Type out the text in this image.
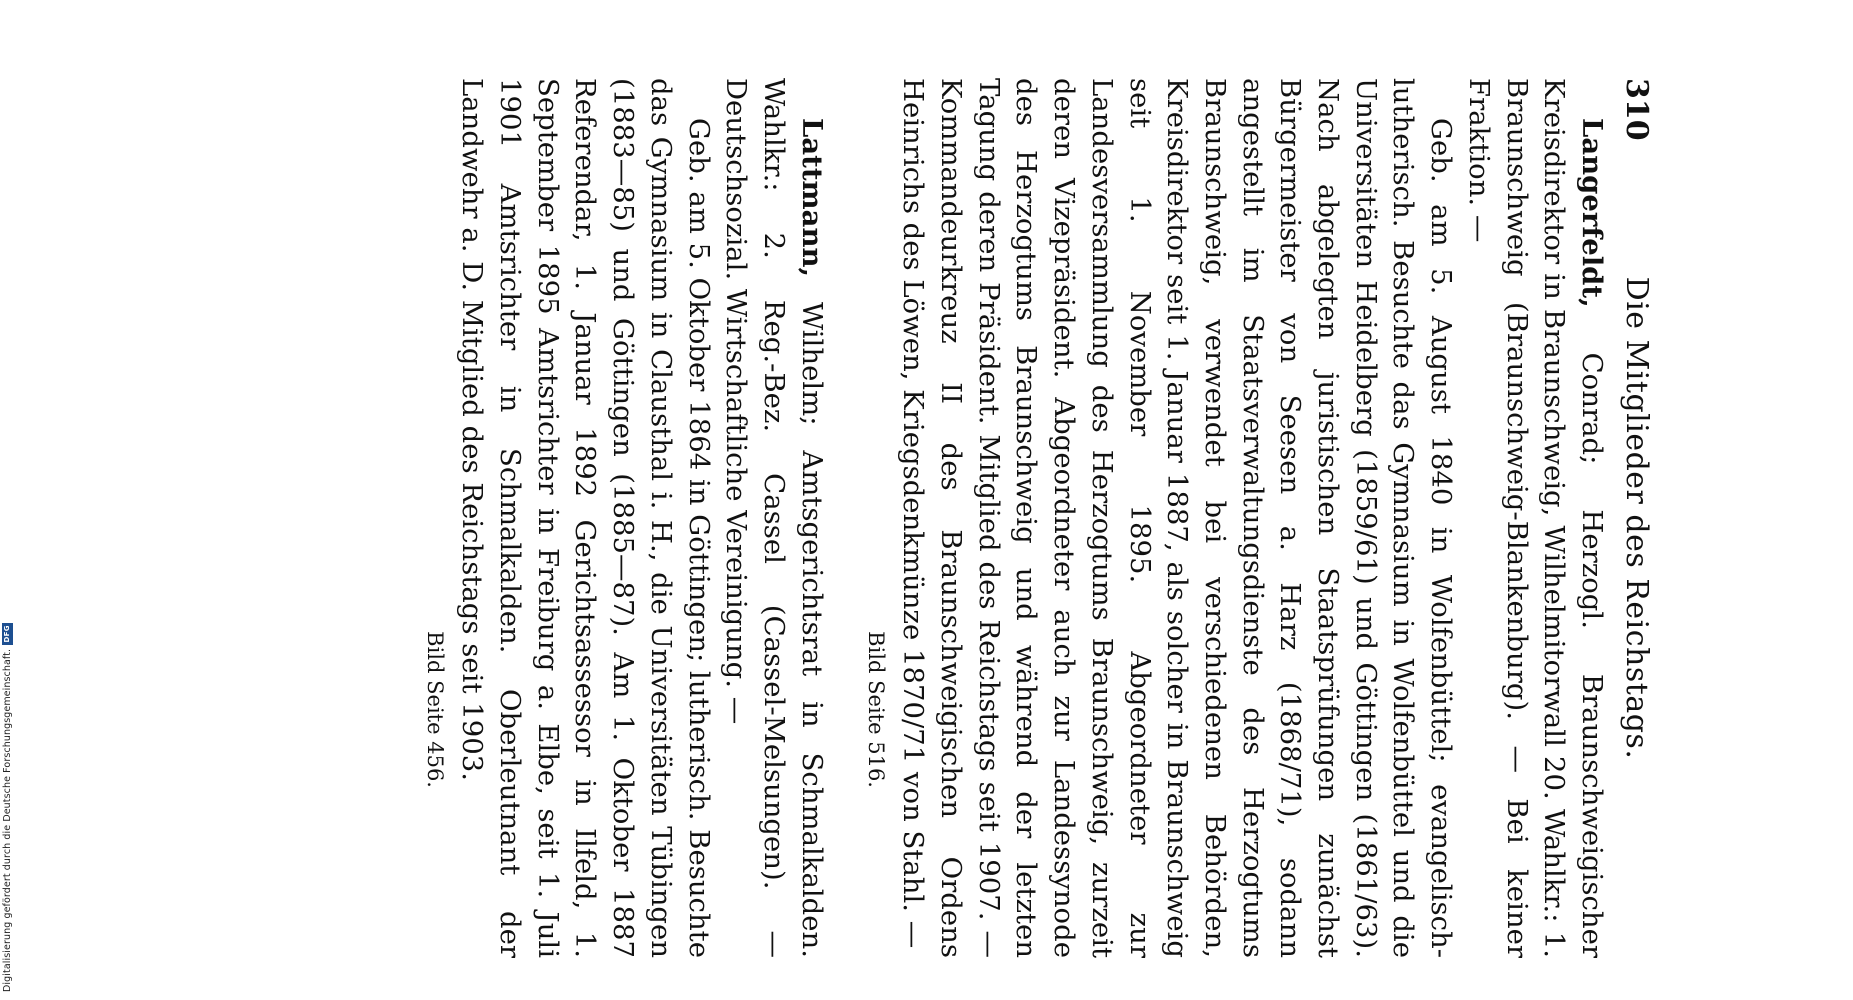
Digitalisierung gefördert durch die Deutsche Forschungsgemeinschaft.
DFG
310
Die Mitglieder des Reichstags.

Langerfeldt, Conrad; Herzogl. Braunschweigischer Kreisdirektor in Braunschweig, Wilhelmitorwall 20. Wahlkr.: 1. Braunschweig (Braunschweig-Blankenburg). — Bei keiner Fraktion. —

Geb. am 5. August 1840 in Wolfenbüttel; evangelisch-lutherisch. Besuchte das Gymnasium in Wolfenbüttel und die Universitäten Heidelberg (1859/61) und Göttingen (1861/63). Nach abgelegten juristischen Staatsprüfungen zunächst Bürgermeister von Seesen a. Harz (1868/71), sodann angestellt im Staatsverwaltungsdienste des Herzogtums Braunschweig, verwendet bei verschiedenen Behörden, Kreisdirektor seit 1. Januar 1887, als solcher in Braunschweig seit 1. November 1895. Abgeordneter zur Landesversammlung des Herzogtums Braunschweig, zurzeit deren Vizepräsident. Abgeordneter auch zur Landessynode des Herzogtums Braunschweig und während der letzten Tagung deren Präsident. Mitglied des Reichstags seit 1907. — Kommandeurkreuz II des Braunschweigischen Ordens Heinrichs des Löwen, Kriegsdenkmünze 1870/71 von Stahl. —

Bild Seite 516.

Lattmann, Wilhelm; Amtsgerichtsrat in Schmalkalden. Wahlkr.: 2. Reg.-Bez. Cassel (Cassel-Melsungen). — Deutschsozial. Wirtschaftliche Vereinigung. —

Geb. am 5. Oktober 1864 in Göttingen; lutherisch. Besuchte das Gymnasium in Clausthal i. H., die Universitäten Tübingen (1883—85) und Göttingen (1885—87). Am 1. Oktober 1887 Referendar, 1. Januar 1892 Gerichtsassessor in Ilfeld, 1. September 1895 Amtsrichter in Freiburg a. Elbe, seit 1. Juli 1901 Amtsrichter in Schmalkalden. Oberleutnant der Landwehr a. D. Mitglied des Reichstags seit 1903.

Bild Seite 456.
